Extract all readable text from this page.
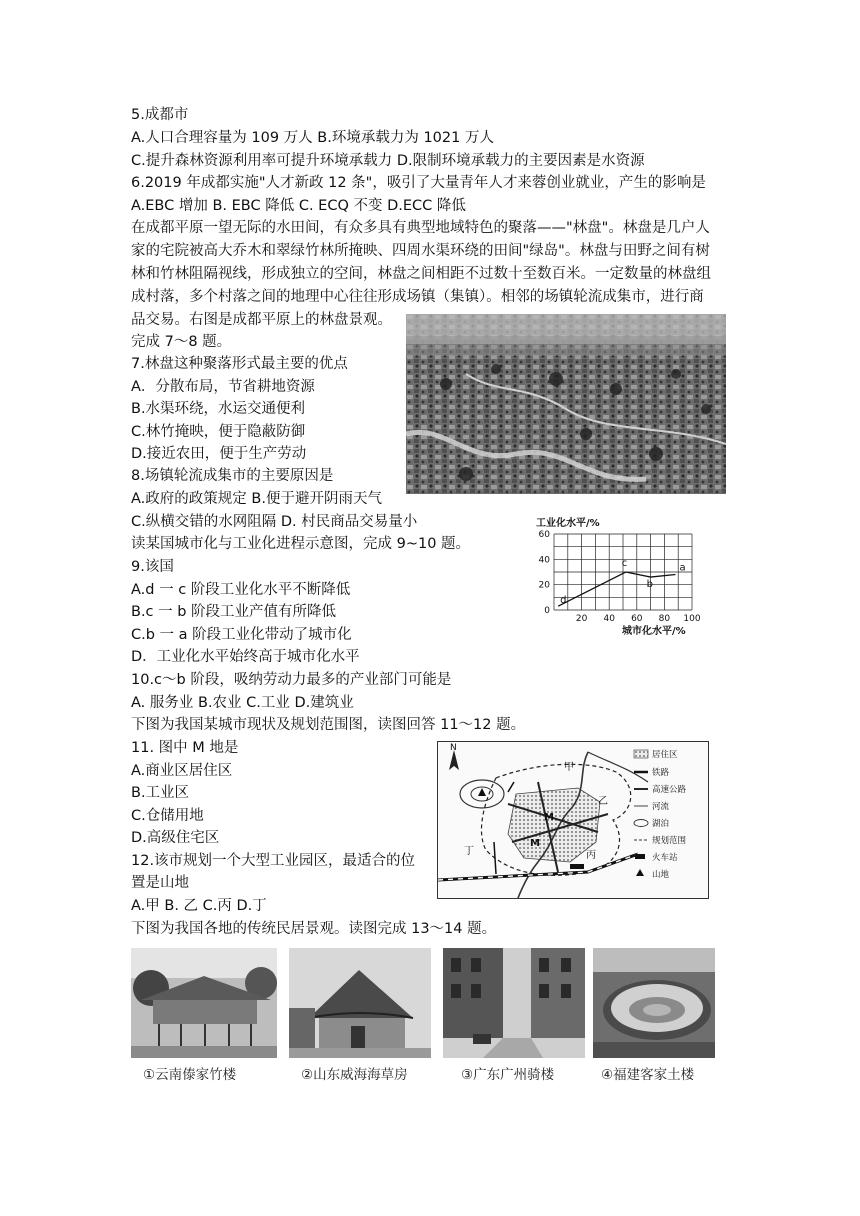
5.成都市
A.人口合理容量为 109 万人 B.环境承载力为 1021 万人
C.提升森林资源利用率可提升环境承载力 D.限制环境承载力的主要因素是水资源
6.2019 年成都实施"人才新政 12 条"，吸引了大量青年人才来蓉创业就业，产生的影响是
A.EBC 增加 B. EBC 降低 C. ECQ 不变 D.ECC 降低
在成都平原一望无际的水田间，有众多具有典型地域特色的聚落——"林盘"。林盘是几户人
家的宅院被高大乔木和翠绿竹林所掩映、四周水渠环绕的田间"绿岛"。林盘与田野之间有树
林和竹林阻隔视线，形成独立的空间，林盘之间相距不过数十至数百米。一定数量的林盘组
成村落，多个村落之间的地理中心往往形成场镇（集镇）。相邻的场镇轮流成集市，进行商
品交易。右图是成都平原上的林盘景观。
完成 7～8 题。
7.林盘这种聚落形式最主要的优点
A．分散布局，节省耕地资源
B.水渠环绕，水运交通便利
C.林竹掩映，便于隐蔽防御
D.接近农田，便于生产劳动
8.场镇轮流成集市的主要原因是
A.政府的政策规定 B.便于避开阴雨天气
C.纵横交错的水网阻隔 D. 村民商品交易量小
读某国城市化与工业化进程示意图，完成 9~10 题。
9.该国
A.d 一 c 阶段工业化水平不断降低
B.c 一 b 阶段工业产值有所降低
C.b 一 a 阶段工业化带动了城市化
D．工业化水平始终高于城市化水平
10.c～b 阶段，吸纳劳动力最多的产业部门可能是
A. 服务业 B.农业 C.工业 D.建筑业
下图为我国某城市现状及规划范围图，读图回答 11～12 题。
11. 图中 M 地是
A.商业区居住区
B.工业区
C.仓储用地
D.高级住宅区
12.该市规划一个大型工业园区，最适合的位
置是山地
A.甲 B. 乙 C.丙 D.丁
下图为我国各地的传统民居景观。读图完成 13～14 题。
工业化水平/%
20 40 60 80 100
0
20
40
60
d
c
b
a
城市化水平/%
N
甲
乙
丙
丁
M
M
居住区
铁路
高速公路
河流
湖泊
规划范围
火车站
山地
①云南傣家竹楼	②山东威海海草房	③广东广州骑楼	④福建客家土楼
